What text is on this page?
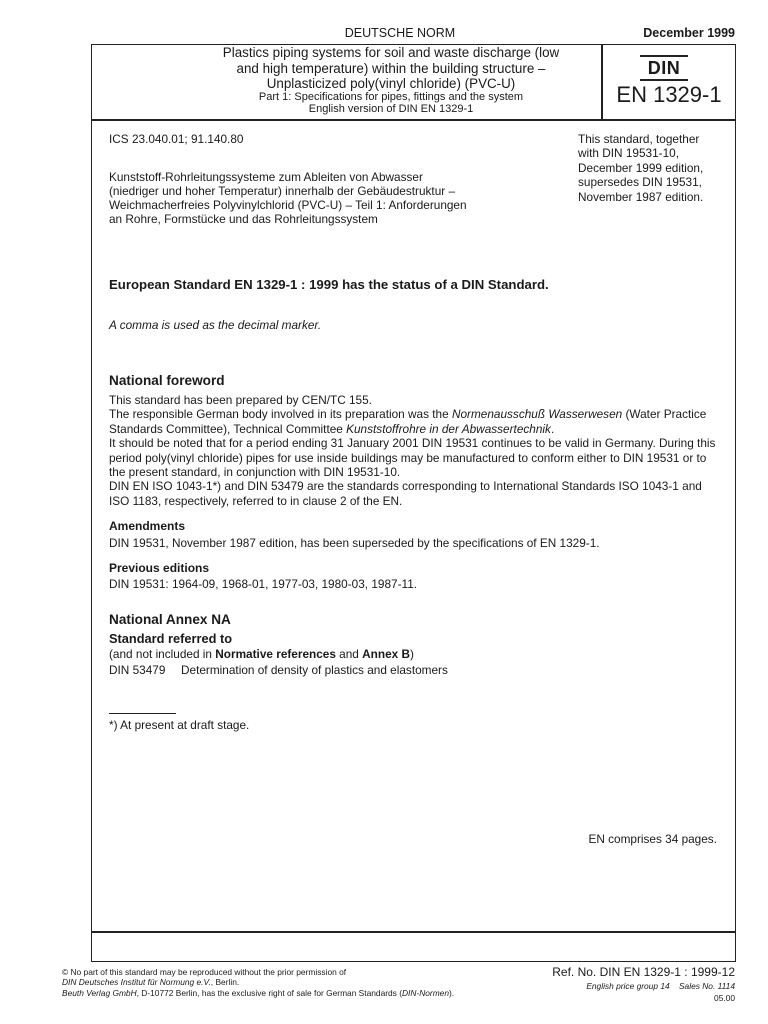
DEUTSCHE NORM	December 1999
Plastics piping systems for soil and waste discharge (low
and high temperature) within the building structure –
Unplasticized poly(vinyl chloride) (PVC-U)
Part 1: Specifications for pipes, fittings and the system
English version of DIN EN 1329-1
DIN
EN 1329-1
ICS 23.040.01; 91.140.80	This standard, together
with DIN 19531-10,
December 1999 edition,
supersedes DIN 19531,
November 1987 edition.
Kunststoff-Rohrleitungssysteme zum Ableiten von Abwasser
(niedriger und hoher Temperatur) innerhalb der Gebäudestruktur –
Weichmacherfreies Polyvinylchlorid (PVC-U) – Teil 1: Anforderungen
an Rohre, Formstücke und das Rohrleitungssystem
European Standard EN 1329-1 : 1999 has the status of a DIN Standard.
A comma is used as the decimal marker.
National foreword

This standard has been prepared by CEN/TC 155.

The responsible German body involved in its preparation was the Normenausschuß Wasserwesen (Water Practice Standards Committee), Technical Committee Kunststoffrohre in der Abwassertechnik.

It should be noted that for a period ending 31 January 2001 DIN 19531 continues to be valid in Germany. During this period poly(vinyl chloride) pipes for use inside buildings may be manufactured to conform either to DIN 19531 or to the present standard, in conjunction with DIN 19531-10.

DIN EN ISO 1043-1*) and DIN 53479 are the standards corresponding to International Standards ISO 1043-1 and ISO 1183, respectively, referred to in clause 2 of the EN.

Amendments
DIN 19531, November 1987 edition, has been superseded by the specifications of EN 1329-1.
Previous editions
DIN 19531: 1964-09, 1968-01, 1977-03, 1980-03, 1987-11.
National Annex NA
Standard referred to
(and not included in Normative references and Annex B)
DIN 53479 Determination of density of plastics and elastomers
*) At present at draft stage.
EN comprises 34 pages.
© No part of this standard may be reproduced without the prior permission of
DIN Deutsches Institut für Normung e.V., Berlin.
Beuth Verlag GmbH, D-10772 Berlin, has the exclusive right of sale for German Standards (DIN-Normen).
Ref. No. DIN EN 1329-1 : 1999-12
English price group 14 Sales No. 1114
05.00
